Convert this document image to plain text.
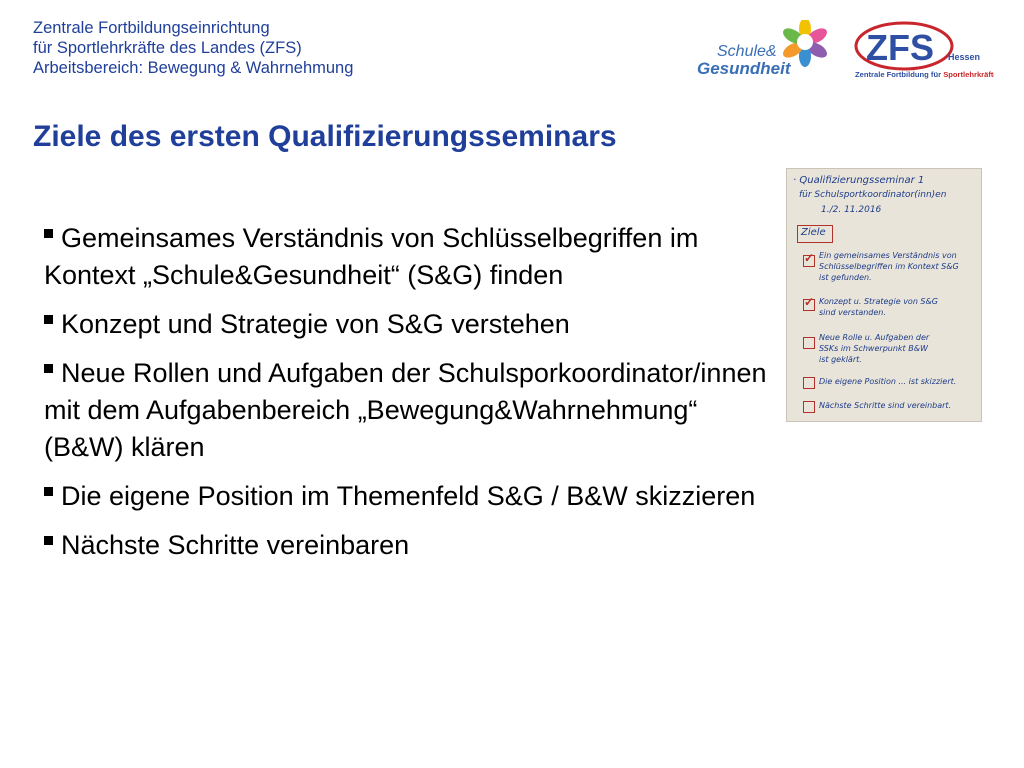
Zentrale Fortbildungseinrichtung
für Sportlehrkräfte des Landes (ZFS)
Arbeitsbereich: Bewegung & Wahrnehmung
Schule&
Gesundheit
ZFS Hessen
Zentrale Fortbildung für Sportlehrkräfte
Ziele des ersten Qualifizierungsseminars
Gemeinsames Verständnis von Schlüsselbegriffen im Kontext „Schule&Gesundheit“ (S&G) finden
Konzept und Strategie von S&G verstehen
Neue Rollen und Aufgaben der Schulsporkoordinator/innen mit dem Aufgabenbereich „Bewegung&Wahrnehmung“ (B&W) klären
Die eigene Position im Themenfeld S&G / B&W skizzieren
Nächste Schritte vereinbaren
· Qualifizierungsseminar 1
für Schulsportkoordinator(inn)en
1./2. 11.2016
Ziele
✓ Ein gemeinsames Verständnis von
Schlüsselbegriffen im Kontext S&G
ist gefunden.
✓ Konzept u. Strategie von S&G
sind verstanden.
Neue Rolle u. Aufgaben der
SSKs im Schwerpunkt B&W
ist geklärt.
Die eigene Position ... ist skizziert.
Nächste Schritte sind vereinbart.
